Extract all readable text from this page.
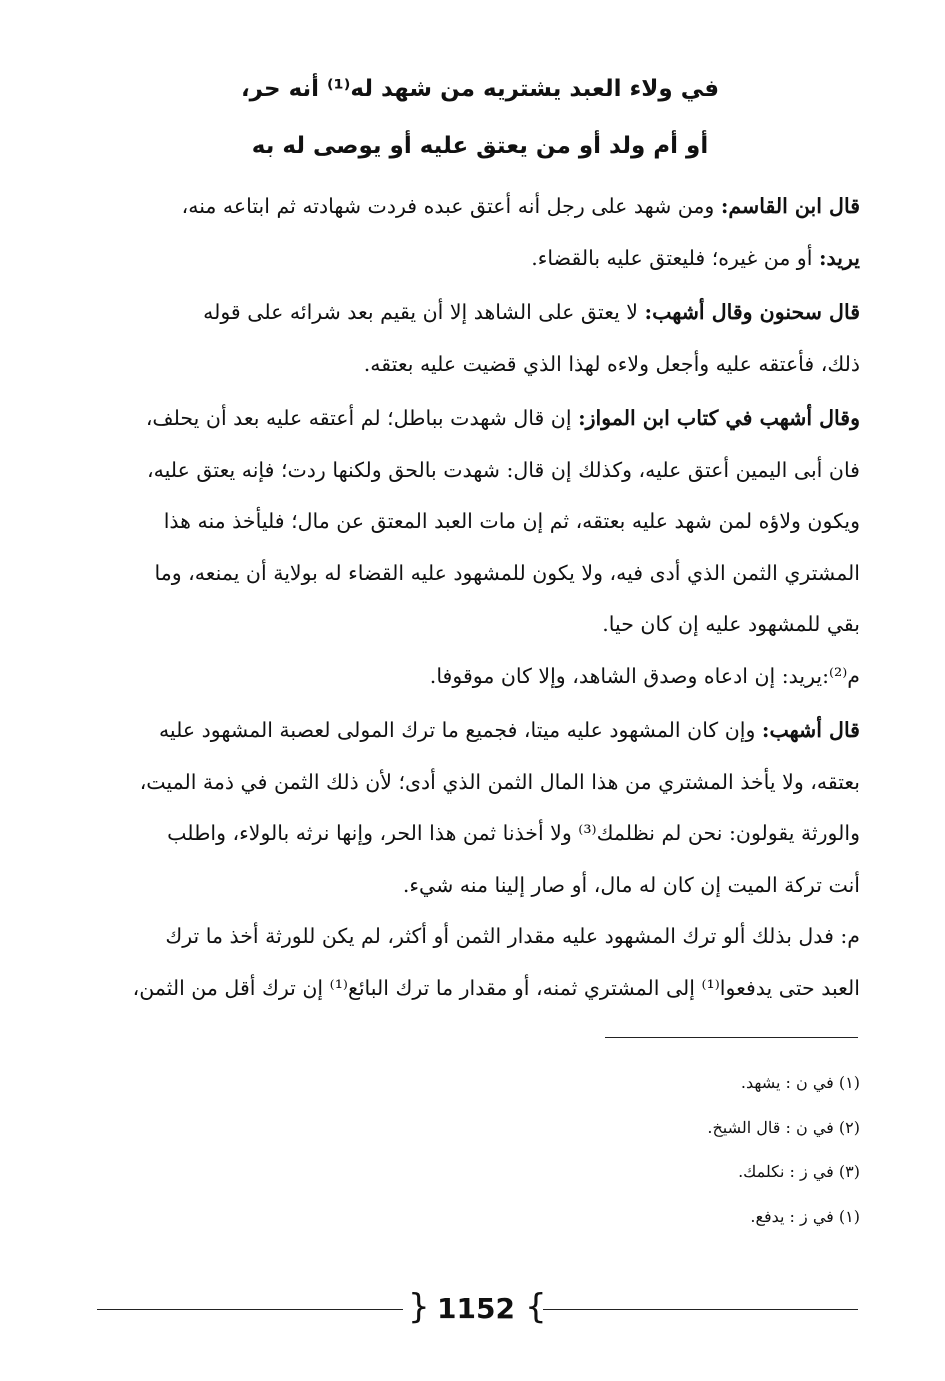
في ولاء العبد يشتريه من شهد له⁽¹⁾ أنه حر،
أو أم ولد أو من يعتق عليه أو يوصى له به
قال ابن القاسم: ومن شهد على رجل أنه أعتق عبده فردت شهادته ثم ابتاعه منه،
يريد: أو من غيره؛ فليعتق عليه بالقضاء.
قال سحنون وقال أشهب: لا يعتق على الشاهد إلا أن يقيم بعد شرائه على قوله
ذلك، فأعتقه عليه وأجعل ولاءه لهذا الذي قضيت عليه بعتقه.
وقال أشهب في كتاب ابن المواز: إن قال شهدت بباطل؛ لم أعتقه عليه بعد أن يحلف،
فان أبى اليمين أعتق عليه، وكذلك إن قال: شهدت بالحق ولكنها ردت؛ فإنه يعتق عليه،
ويكون ولاؤه لمن شهد عليه بعتقه، ثم إن مات العبد المعتق عن مال؛ فليأخذ منه هذا
المشتري الثمن الذي أدى فيه، ولا يكون للمشهود عليه القضاء له بولاية أن يمنعه، وما
بقي للمشهود عليه إن كان حيا.
م⁽²⁾:يريد: إن ادعاه وصدق الشاهد، وإلا كان موقوفا.
قال أشهب: وإن كان المشهود عليه ميتا، فجميع ما ترك المولى لعصبة المشهود عليه
بعتقه، ولا يأخذ المشتري من هذا المال الثمن الذي أدى؛ لأن ذلك الثمن في ذمة الميت،
والورثة يقولون: نحن لم نظلمك⁽³⁾ ولا أخذنا ثمن هذا الحر، وإنها نرثه بالولاء، واطلب
أنت تركة الميت إن كان له مال، أو صار إلينا منه شيء.
م: فدل بذلك ألو ترك المشهود عليه مقدار الثمن أو أكثر، لم يكن للورثة أخذ ما ترك
العبد حتى يدفعوا⁽¹⁾ إلى المشتري ثمنه، أو مقدار ما ترك البائع⁽¹⁾ إن ترك أقل من الثمن،
(١) في ن : يشهد.
(٢) في ن : قال الشيخ.
(٣) في ز : نكلمك.
(١) في ز : يدفع.
{ 1152 }
